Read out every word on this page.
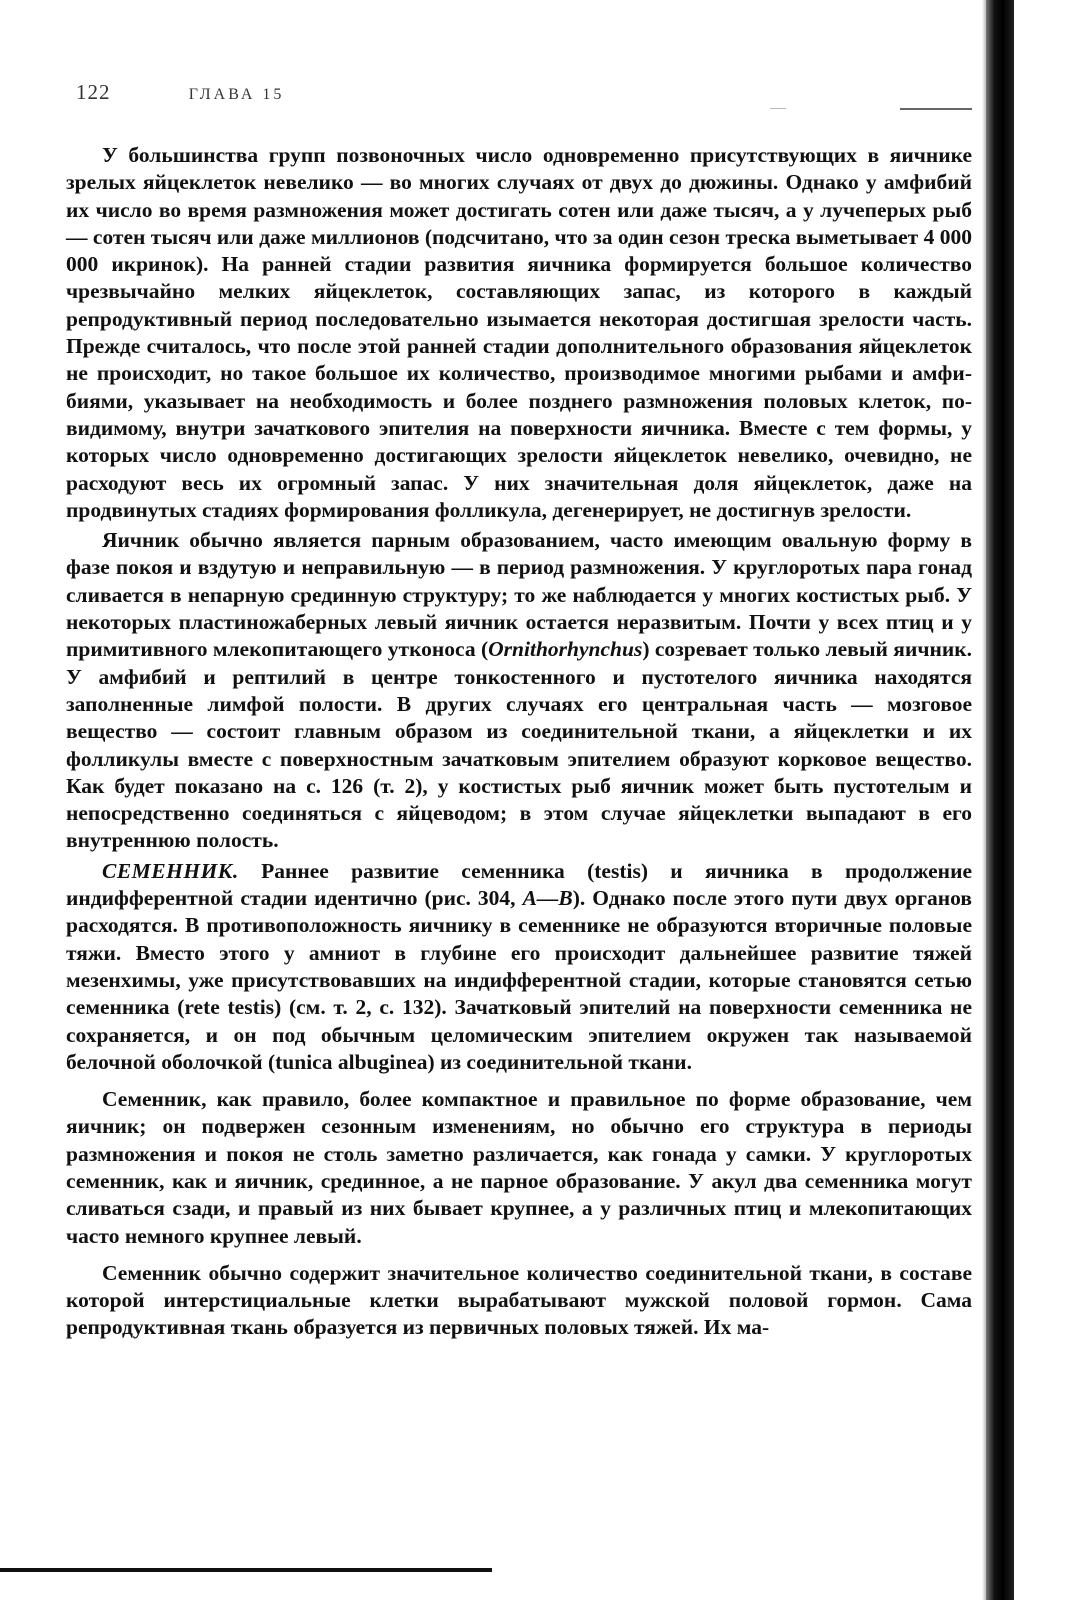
122	ГЛАВА 15

У большинства групп позвоночных число одновременно присутствующих в яичнике зрелых яйцеклеток невелико — во многих случаях от двух до дюжины. Однако у амфибий их число во время размножения может достигать сотен или даже тысяч, а у лучеперых рыб — сотен тысяч или даже миллионов (подсчитано, что за один сезон треска выметывает 4 000 000 икринок). На ранней стадии развития яичника формируется большое количество чрезвычайно мелких яйцеклеток, составляющих запас, из которого в каждый репродуктивный период последовательно изымается некоторая достигшая зрелости часть. Прежде считалось, что после этой ранней стадии дополнительного образования яйцеклеток не происходит, но такое большое их количество, производимое многими рыбами и амфибиями, указывает на необходимость и более позднего размножения половых клеток, по-видимому, внутри зачаткового эпителия на поверхности яичника. Вместе с тем формы, у которых число одновременно достигающих зрелости яйцеклеток невелико, очевидно, не расходуют весь их огромный запас. У них значительная доля яйцеклеток, даже на продвинутых стадиях формирования фолликула, дегенерирует, не достигнув зрелости.

Яичник обычно является парным образованием, часто имеющим овальную форму в фазе покоя и вздутую и неправильную — в период размножения. У круглоротых пара гонад сливается в непарную срединную структуру; то же наблюдается у многих костистых рыб. У некоторых пластиножаберных левый яичник остается неразвитым. Почти у всех птиц и у примитивного млекопитающего утконоса (Ornithorhynchus) созревает только левый яичник. У амфибий и рептилий в центре тонкостенного и пустотелого яичника находятся заполненные лимфой полости. В других случаях его центральная часть — мозговое вещество — состоит главным образом из соединительной ткани, а яйцеклетки и их фолликулы вместе с поверхностным зачатковым эпителием образуют корковое вещество. Как будет показано на с. 126 (т. 2), у костистых рыб яичник может быть пустотелым и непосредственно соединяться с яйцеводом; в этом случае яйцеклетки выпадают в его внутреннюю полость.

СЕМЕННИК. Раннее развитие семенника (testis) и яичника в продолжение индифферентной стадии идентично (рис. 304, А—В). Однако после этого пути двух органов расходятся. В противоположность яичнику в семеннике не образуются вторичные половые тяжи. Вместо этого у амниот в глубине его происходит дальнейшее развитие тяжей мезенхимы, уже присутствовавших на индифферентной стадии, которые становятся сетью семенника (rete testis) (см. т. 2, с. 132). Зачатковый эпителий на поверхности семенника не сохраняется, и он под обычным целомическим эпителием окружен так называемой белочной оболочкой (tunica albuginea) из соединительной ткани.

Семенник, как правило, более компактное и правильное по форме образование, чем яичник; он подвержен сезонным изменениям, но обычно его структура в периоды размножения и покоя не столь заметно различается, как гонада у самки. У круглоротых семенник, как и яичник, срединное, а не парное образование. У акул два семенника могут сливаться сзади, и правый из них бывает крупнее, а у различных птиц и млекопитающих часто немного крупнее левый.

Семенник обычно содержит значительное количество соединительной ткани, в составе которой интерстициальные клетки вырабатывают мужской половой гормон. Сама репродуктивная ткань образуется из первичных половых тяжей. Их ма-
